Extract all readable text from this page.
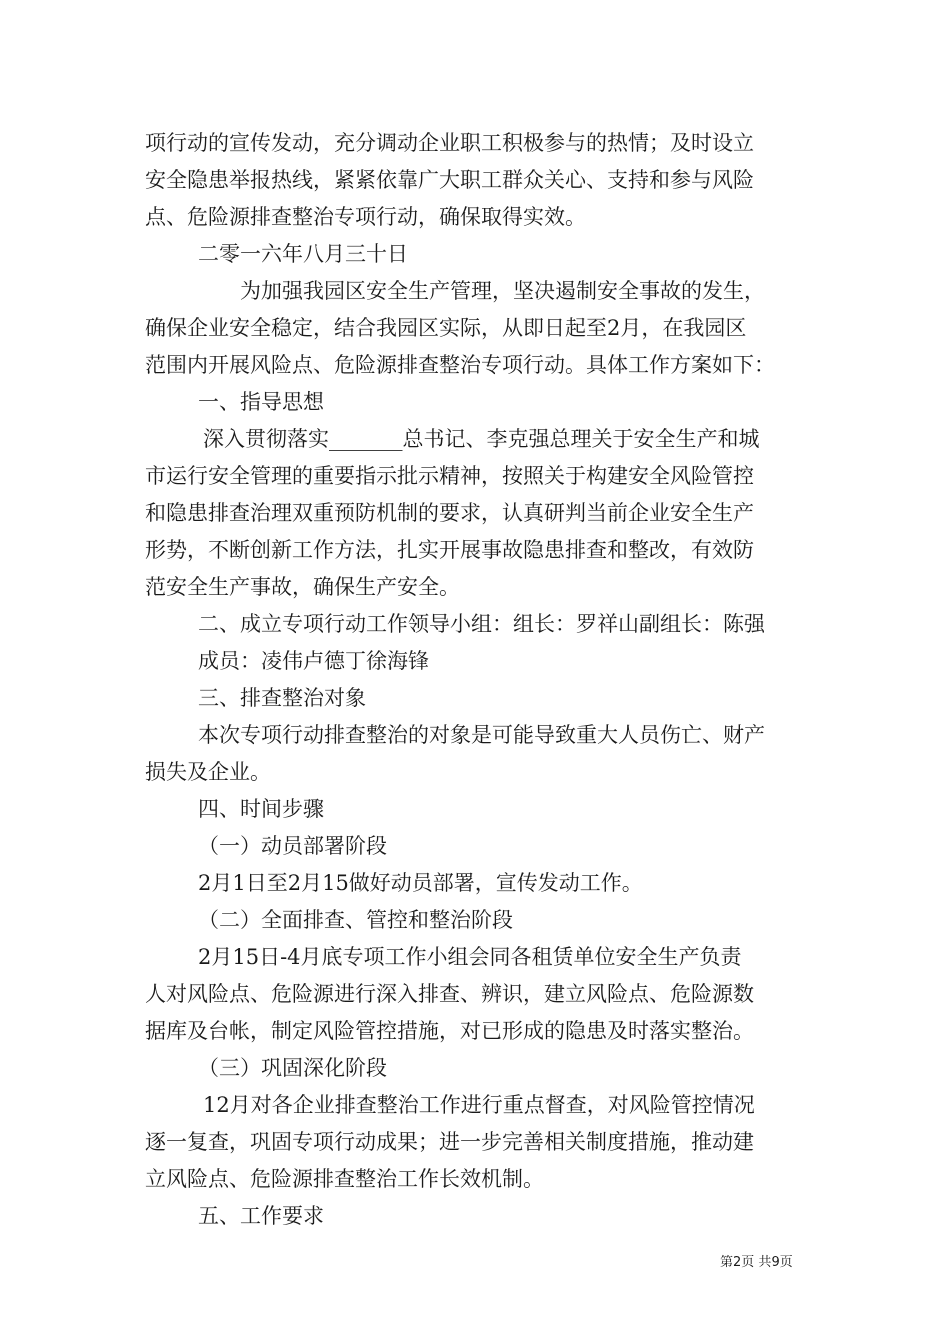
项行动的宣传发动，充分调动企业职工积极参与的热情；及时设立
安全隐患举报热线，紧紧依靠广大职工群众关心、支持和参与风险
点、危险源排查整治专项行动，确保取得实效。
二零一六年八月三十日
为加强我园区安全生产管理，坚决遏制安全事故的发生，
确保企业安全稳定，结合我园区实际，从即日起至2月，在我园区
范围内开展风险点、危险源排查整治专项行动。具体工作方案如下：
一、指导思想
深入贯彻落实_______总书记、李克强总理关于安全生产和城
市运行安全管理的重要指示批示精神，按照关于构建安全风险管控
和隐患排查治理双重预防机制的要求，认真研判当前企业安全生产
形势，不断创新工作方法，扎实开展事故隐患排查和整改，有效防
范安全生产事故，确保生产安全。
二、成立专项行动工作领导小组：组长：罗祥山副组长：陈强
成员：凌伟卢德丁徐海锋
三、排查整治对象
本次专项行动排查整治的对象是可能导致重大人员伤亡、财产
损失及企业。
四、时间步骤
（一）动员部署阶段
2月1日至2月15做好动员部署，宣传发动工作。
（二）全面排查、管控和整治阶段
2月15日-4月底专项工作小组会同各租赁单位安全生产负责
人对风险点、危险源进行深入排查、辨识，建立风险点、危险源数
据库及台帐，制定风险管控措施，对已形成的隐患及时落实整治。
（三）巩固深化阶段
12月对各企业排查整治工作进行重点督查，对风险管控情况
逐一复查，巩固专项行动成果；进一步完善相关制度措施，推动建
立风险点、危险源排查整治工作长效机制。
五、工作要求
第2页 共9页
